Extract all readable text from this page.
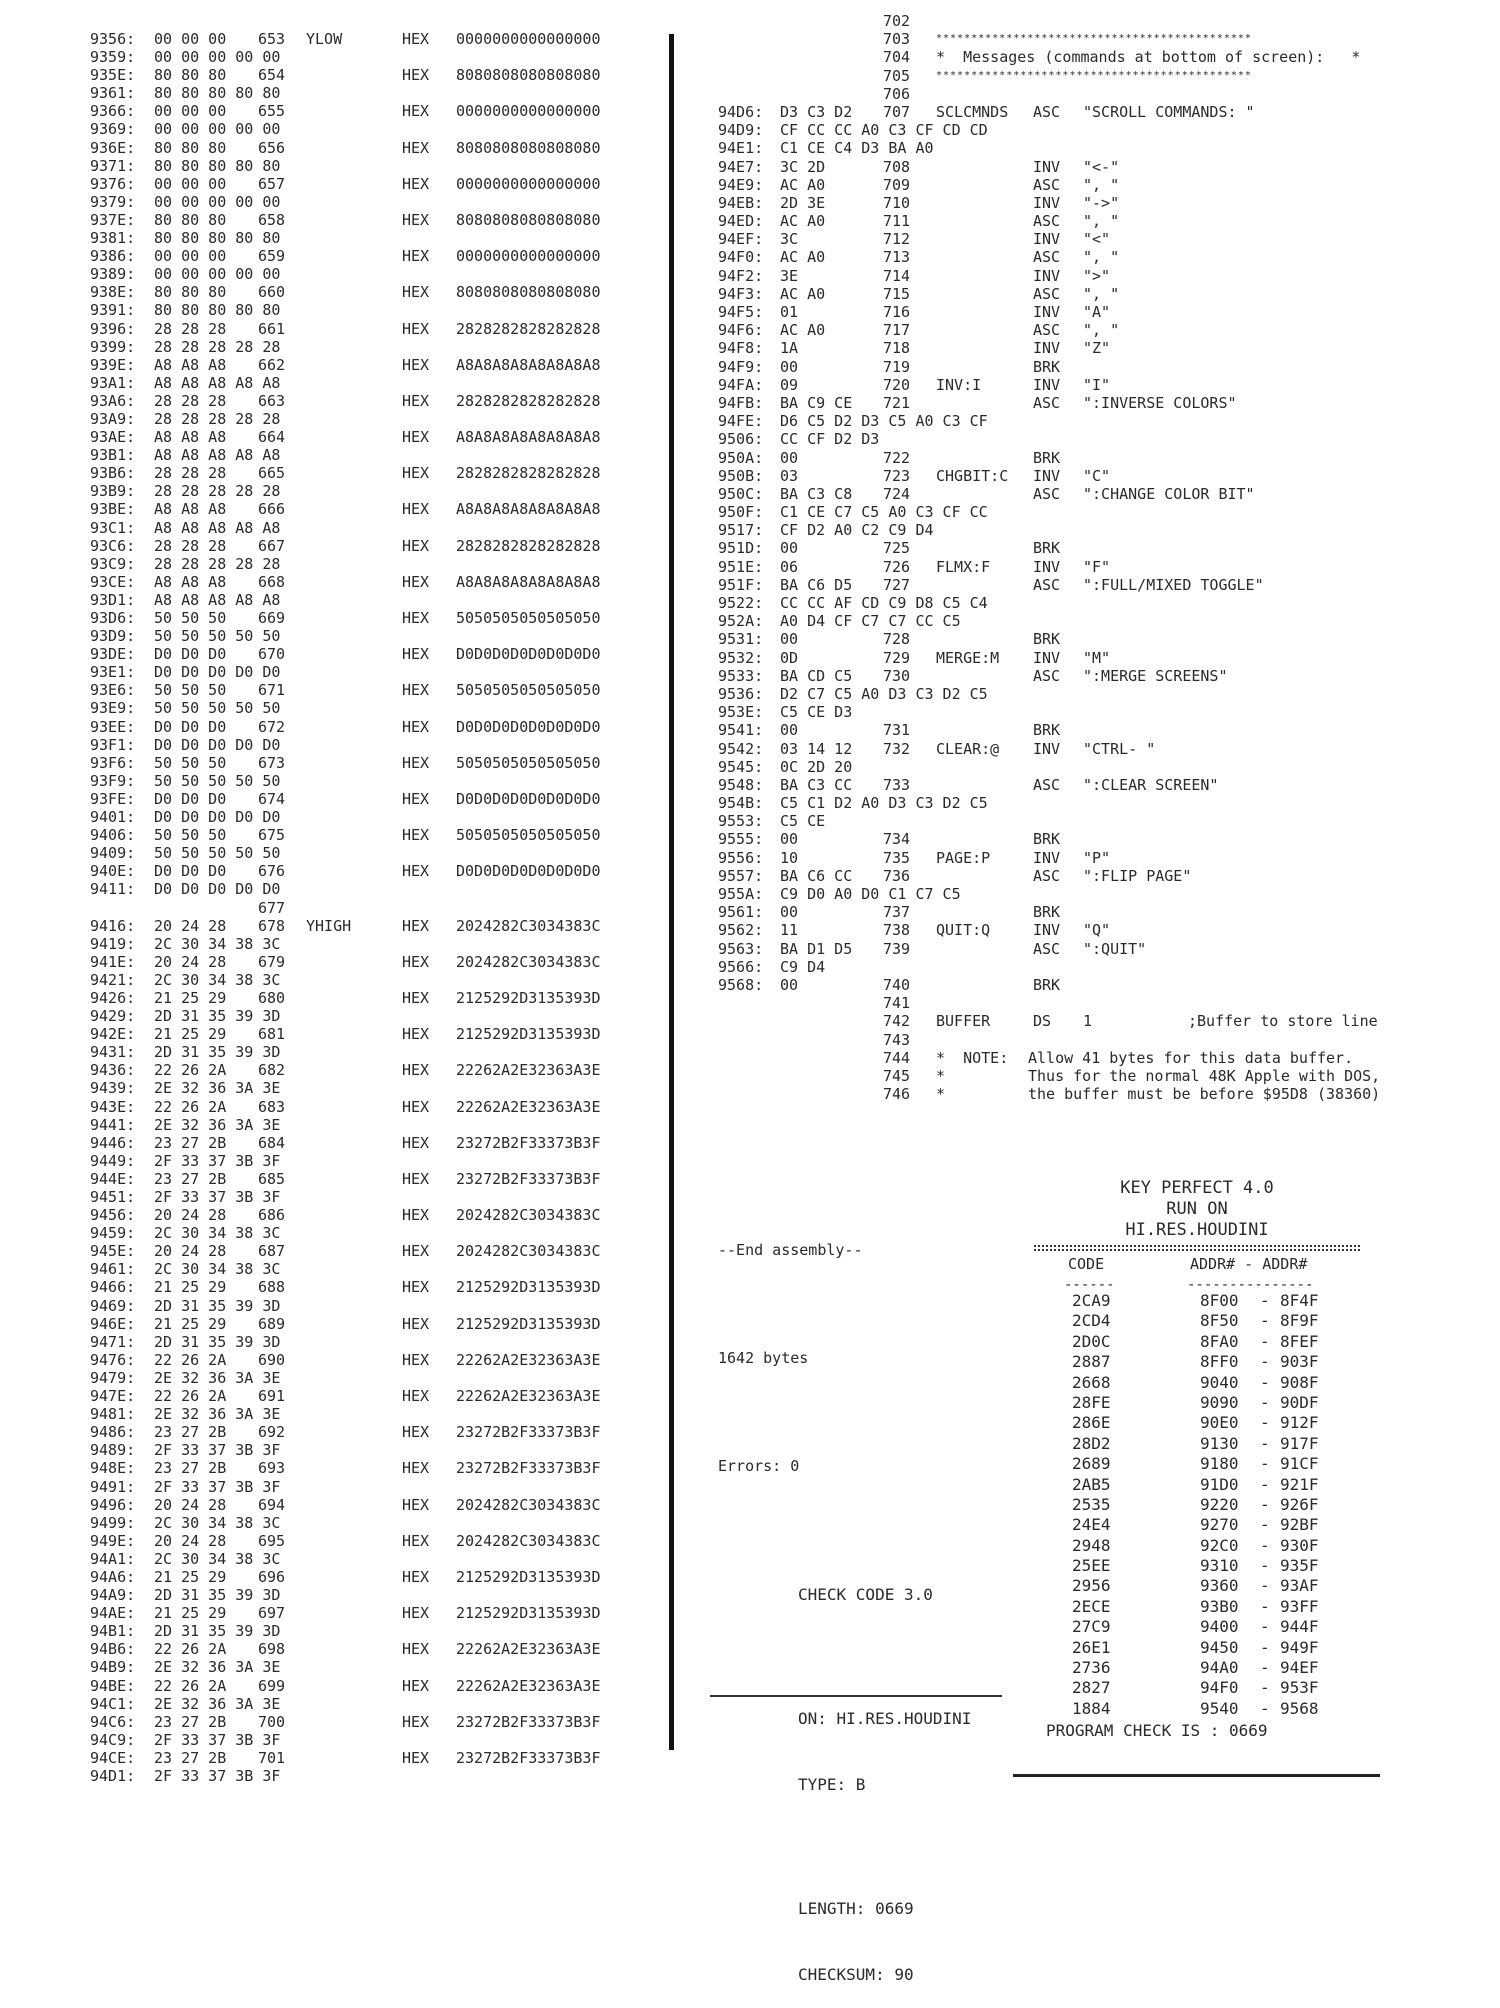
9356: 00 00 00 653 YLOW	HEX 0000000000000000
9359: 00 00 00 00 00
935E: 80 80 80 654	HEX 8080808080808080
9361: 80 80 80 80 80
9366: 00 00 00 655	HEX 0000000000000000
9369: 00 00 00 00 00
936E: 80 80 80 656	HEX 8080808080808080
9371: 80 80 80 80 80
9376: 00 00 00 657	HEX 0000000000000000
9379: 00 00 00 00 00
937E: 80 80 80 658	HEX 8080808080808080
9381: 80 80 80 80 80
9386: 00 00 00 659	HEX 0000000000000000
9389: 00 00 00 00 00
938E: 80 80 80 660	HEX 8080808080808080
9391: 80 80 80 80 80
9396: 28 28 28 661	HEX 2828282828282828
9399: 28 28 28 28 28
939E: A8 A8 A8 662	HEX A8A8A8A8A8A8A8A8
93A1: A8 A8 A8 A8 A8
93A6: 28 28 28 663	HEX 2828282828282828
93A9: 28 28 28 28 28
93AE: A8 A8 A8 664	HEX A8A8A8A8A8A8A8A8
93B1: A8 A8 A8 A8 A8
93B6: 28 28 28 665	HEX 2828282828282828
93B9: 28 28 28 28 28
93BE: A8 A8 A8 666	HEX A8A8A8A8A8A8A8A8
93C1: A8 A8 A8 A8 A8
93C6: 28 28 28 667	HEX 2828282828282828
93C9: 28 28 28 28 28
93CE: A8 A8 A8 668	HEX A8A8A8A8A8A8A8A8
93D1: A8 A8 A8 A8 A8
93D6: 50 50 50 669	HEX 5050505050505050
93D9: 50 50 50 50 50
93DE: D0 D0 D0 670	HEX D0D0D0D0D0D0D0D0
93E1: D0 D0 D0 D0 D0
93E6: 50 50 50 671	HEX 5050505050505050
93E9: 50 50 50 50 50
93EE: D0 D0 D0 672	HEX D0D0D0D0D0D0D0D0
93F1: D0 D0 D0 D0 D0
93F6: 50 50 50 673	HEX 5050505050505050
93F9: 50 50 50 50 50
93FE: D0 D0 D0 674	HEX D0D0D0D0D0D0D0D0
9401: D0 D0 D0 D0 D0
9406: 50 50 50 675	HEX 5050505050505050
9409: 50 50 50 50 50
940E: D0 D0 D0 676	HEX D0D0D0D0D0D0D0D0
9411: D0 D0 D0 D0 D0
677
9416: 20 24 28 678 YHIGH	HEX 2024282C3034383C
9419: 2C 30 34 38 3C
941E: 20 24 28 679	HEX 2024282C3034383C
9421: 2C 30 34 38 3C
9426: 21 25 29 680	HEX 2125292D3135393D
9429: 2D 31 35 39 3D
942E: 21 25 29 681	HEX 2125292D3135393D
9431: 2D 31 35 39 3D
9436: 22 26 2A 682	HEX 22262A2E32363A3E
9439: 2E 32 36 3A 3E
943E: 22 26 2A 683	HEX 22262A2E32363A3E
9441: 2E 32 36 3A 3E
9446: 23 27 2B 684	HEX 23272B2F33373B3F
9449: 2F 33 37 3B 3F
944E: 23 27 2B 685	HEX 23272B2F33373B3F
9451: 2F 33 37 3B 3F
9456: 20 24 28 686	HEX 2024282C3034383C
9459: 2C 30 34 38 3C
945E: 20 24 28 687	HEX 2024282C3034383C
9461: 2C 30 34 38 3C
9466: 21 25 29 688	HEX 2125292D3135393D
9469: 2D 31 35 39 3D
946E: 21 25 29 689	HEX 2125292D3135393D
9471: 2D 31 35 39 3D
9476: 22 26 2A 690	HEX 22262A2E32363A3E
9479: 2E 32 36 3A 3E
947E: 22 26 2A 691	HEX 22262A2E32363A3E
9481: 2E 32 36 3A 3E
9486: 23 27 2B 692	HEX 23272B2F33373B3F
9489: 2F 33 37 3B 3F
948E: 23 27 2B 693	HEX 23272B2F33373B3F
9491: 2F 33 37 3B 3F
9496: 20 24 28 694	HEX 2024282C3034383C
9499: 2C 30 34 38 3C
949E: 20 24 28 695	HEX 2024282C3034383C
94A1: 2C 30 34 38 3C
94A6: 21 25 29 696	HEX 2125292D3135393D
94A9: 2D 31 35 39 3D
94AE: 21 25 29 697	HEX 2125292D3135393D
94B1: 2D 31 35 39 3D
94B6: 22 26 2A 698	HEX 22262A2E32363A3E
94B9: 2E 32 36 3A 3E
94BE: 22 26 2A 699	HEX 22262A2E32363A3E
94C1: 2E 32 36 3A 3E
94C6: 23 27 2B 700	HEX 23272B2F33373B3F
94C9: 2F 33 37 3B 3F
94CE: 23 27 2B 701	HEX 23272B2F33373B3F
94D1: 2F 33 37 3B 3F
702
703	*********************************************
704 *  Messages (commands at bottom of screen):   *
705	*********************************************
706
94D6: D3 C3 D2 707 SCLCMNDS ASC "SCROLL COMMANDS: "
94D9: CF CC CC A0 C3 CF CD CD
94E1: C1 CE C4 D3 BA A0
94E7: 3C 2D	708	INV "<-"
94E9: AC A0	709	ASC ", "
94EB: 2D 3E	710	INV "->"
94ED: AC A0	711	ASC ", "
94EF: 3C	712	INV "<"
94F0: AC A0	713	ASC ", "
94F2: 3E	714	INV ">"
94F3: AC A0	715	ASC ", "
94F5: 01	716	INV "A"
94F6: AC A0	717	ASC ", "
94F8: 1A	718	INV "Z"
94F9: 00	719	BRK
94FA: 09	720 INV:I	INV "I"
94FB: BA C9 CE 721	ASC ":INVERSE COLORS"
94FE: D6 C5 D2 D3 C5 A0 C3 CF
9506: CC CF D2 D3
950A: 00	722	BRK
950B: 03	723 CHGBIT:C INV "C"
950C: BA C3 C8 724	ASC ":CHANGE COLOR BIT"
950F: C1 CE C7 C5 A0 C3 CF CC
9517: CF D2 A0 C2 C9 D4
951D: 00	725	BRK
951E: 06	726 FLMX:F	INV "F"
951F: BA C6 D5 727	ASC ":FULL/MIXED TOGGLE"
9522: CC CC AF CD C9 D8 C5 C4
952A: A0 D4 CF C7 C7 CC C5
9531: 00	728	BRK
9532: 0D	729 MERGE:M INV "M"
9533: BA CD C5 730	ASC ":MERGE SCREENS"
9536: D2 C7 C5 A0 D3 C3 D2 C5
953E: C5 CE D3
9541: 00	731	BRK
9542: 03 14 12 732 CLEAR:@ INV "CTRL- "
9545: 0C 2D 20
9548: BA C3 CC 733	ASC ":CLEAR SCREEN"
954B: C5 C1 D2 A0 D3 C3 D2 C5
9553: C5 CE
9555: 00	734	BRK
9556: 10	735 PAGE:P	INV "P"
9557: BA C6 CC 736	ASC ":FLIP PAGE"
955A: C9 D0 A0 D0 C1 C7 C5
9561: 00	737	BRK
9562: 11	738 QUIT:Q	INV "Q"
9563: BA D1 D5 739	ASC ":QUIT"
9566: C9 D4
9568: 00	740	BRK
741
742 BUFFER	DS 1	;Buffer to store line
743
744 *  NOTE: Allow 41 bytes for this data buffer.
745 *	Thus for the normal 48K Apple with DOS,
746 *	the buffer must be before $95D8 (38360)

--End assembly--

1642 bytes

Errors: 0

KEY PERFECT 4.0
RUN ON
HI.RES.HOUDINI
CODE	ADDR# - ADDR#
------	---------------
2CA9	8F00	8F4F
-
2CD4	8F50	8F9F
-
2D0C	8FA0	8FEF
-
2887	8FF0	903F
-
2668	9040	908F
-
28FE	9090	90DF
-
286E	90E0	912F
-
28D2	9130	917F
-
2689	9180	91CF
-
2AB5	91D0	921F
-
2535	9220	926F
-
24E4	9270	92BF
-
2948	92C0	930F
-
25EE	9310	935F
-
2956	9360	93AF
-
2ECE	93B0	93FF
-
27C9	9400	944F
-
26E1	9450	949F
-
2736	94A0	94EF
-
2827	94F0	953F
-
1884	9540	9568
-
PROGRAM CHECK IS : 0669

CHECK CODE 3.0

ON: HI.RES.HOUDINI

TYPE: B

LENGTH: 0669

CHECKSUM: 90
